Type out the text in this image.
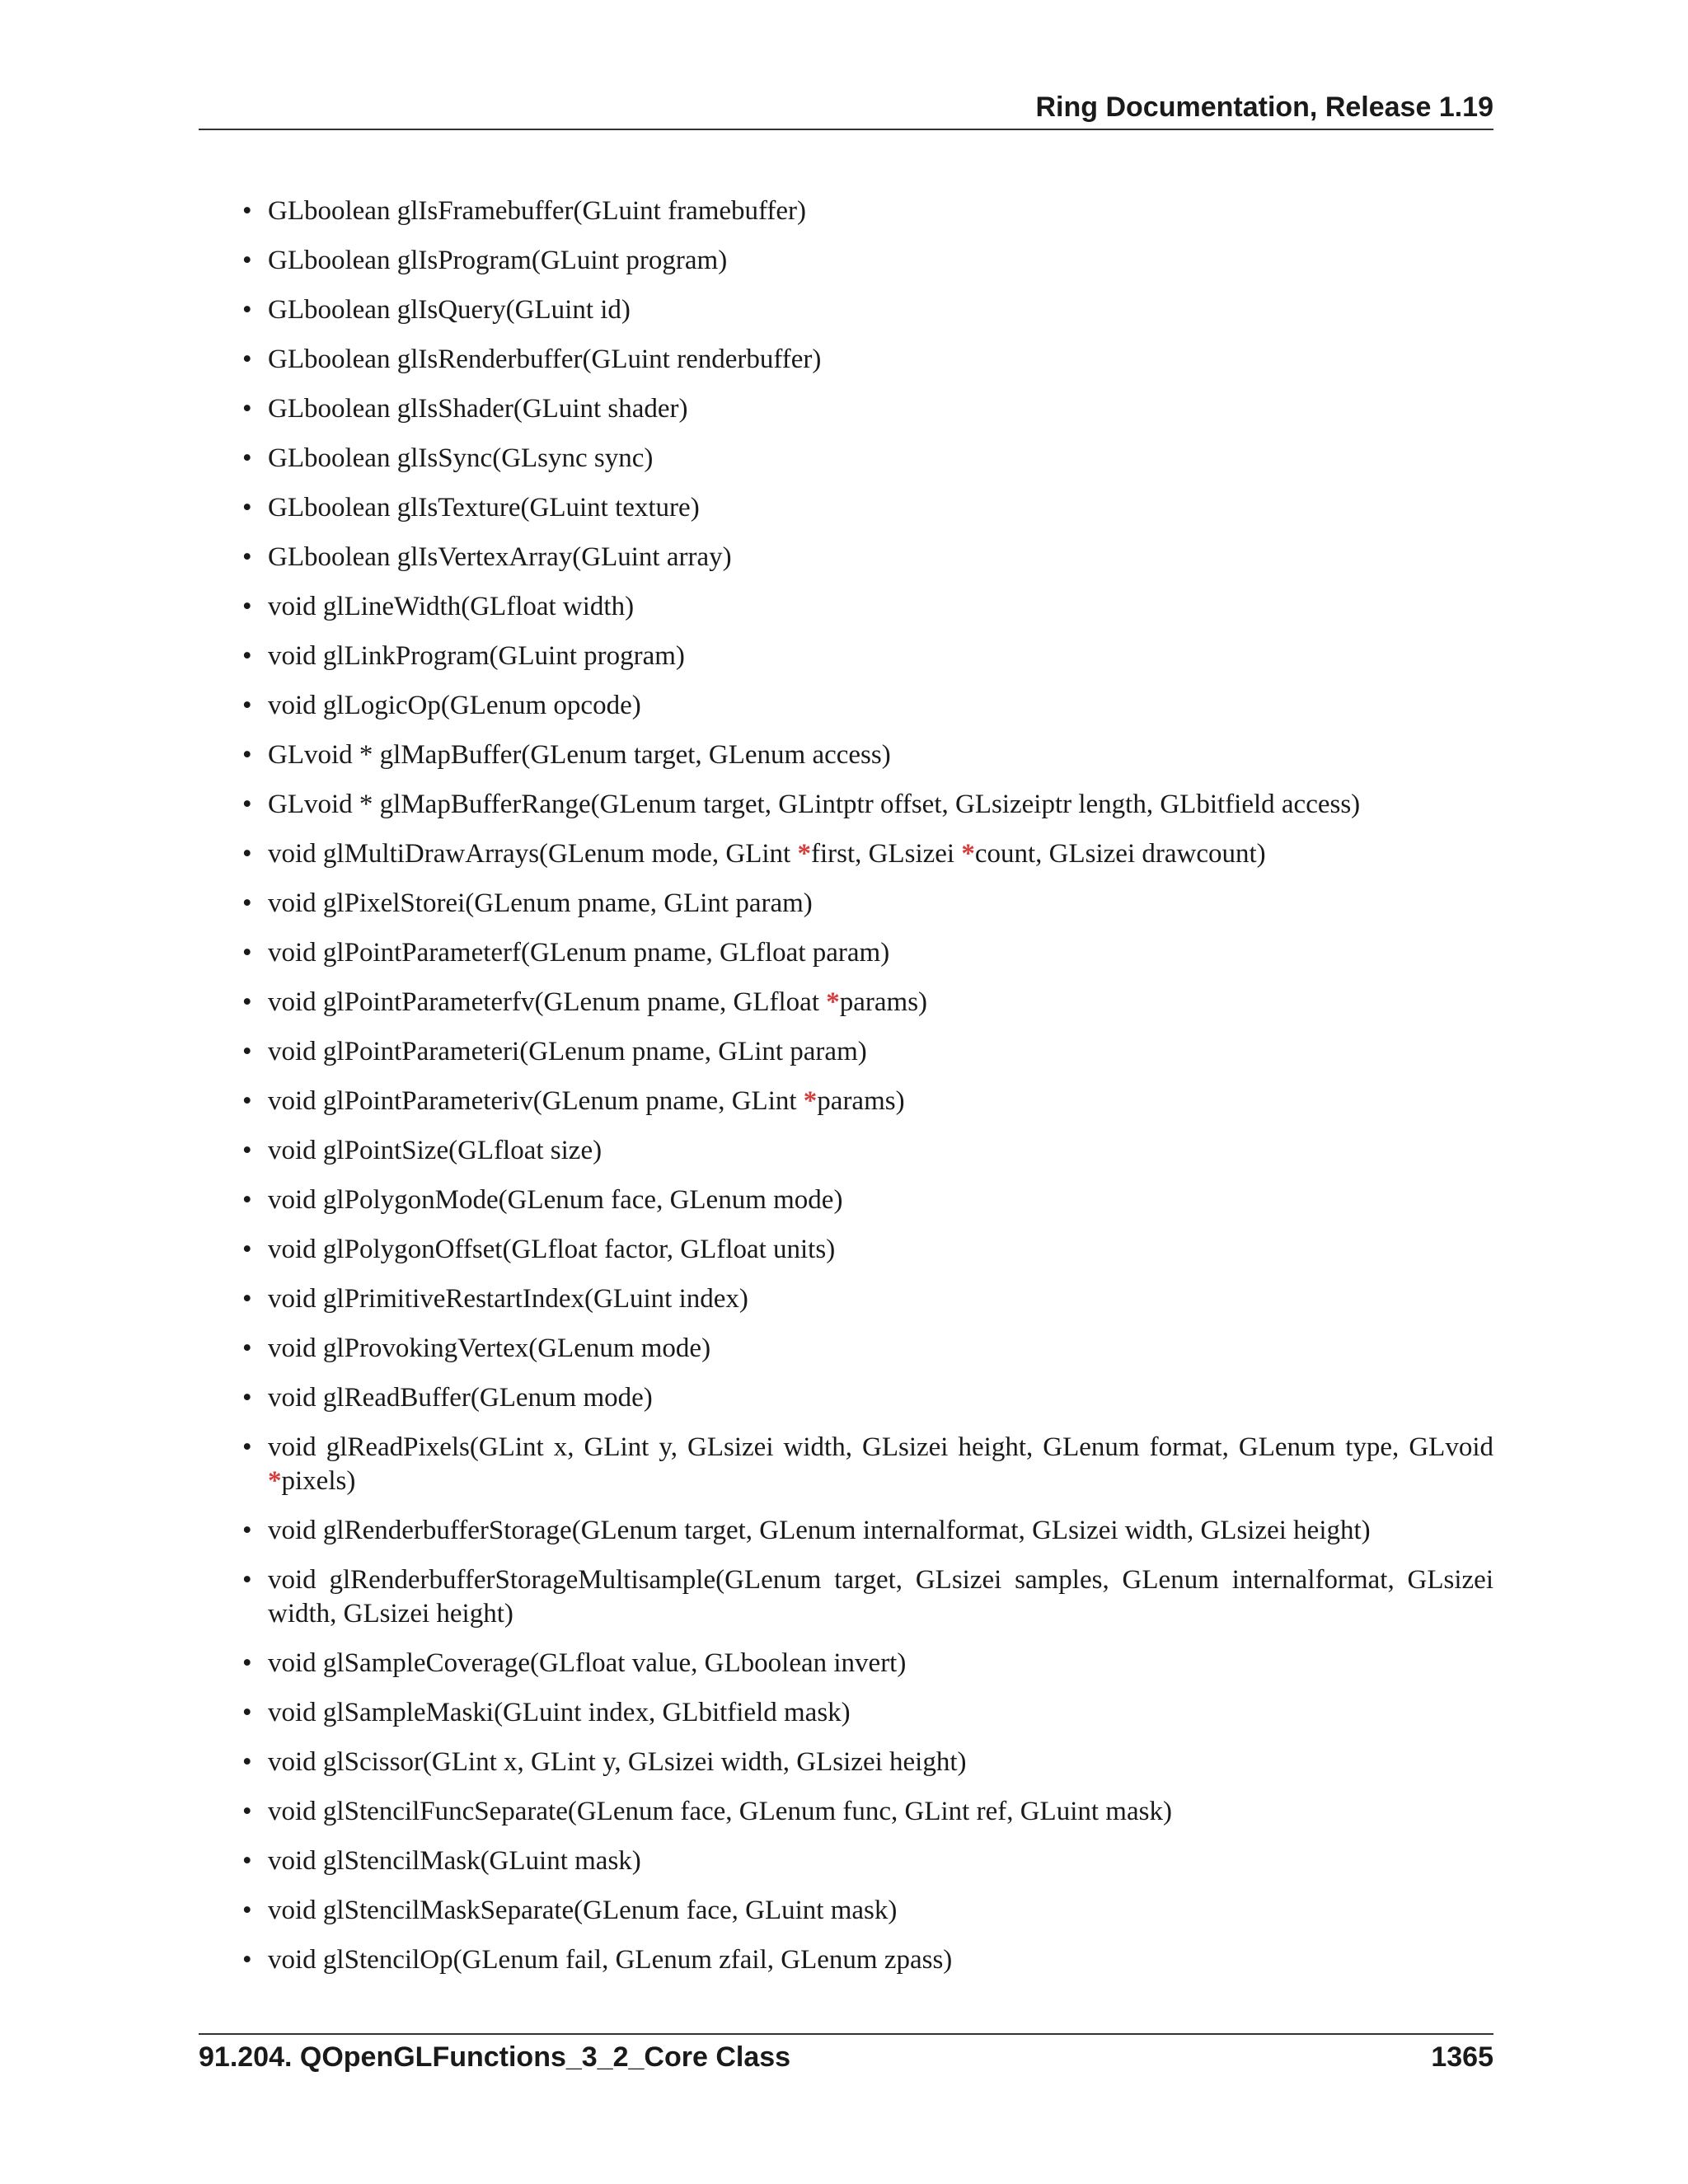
Ring Documentation, Release 1.19
• GLboolean glIsFramebuffer(GLuint framebuffer)
• GLboolean glIsProgram(GLuint program)
• GLboolean glIsQuery(GLuint id)
• GLboolean glIsRenderbuffer(GLuint renderbuffer)
• GLboolean glIsShader(GLuint shader)
• GLboolean glIsSync(GLsync sync)
• GLboolean glIsTexture(GLuint texture)
• GLboolean glIsVertexArray(GLuint array)
• void glLineWidth(GLfloat width)
• void glLinkProgram(GLuint program)
• void glLogicOp(GLenum opcode)
• GLvoid * glMapBuffer(GLenum target, GLenum access)
• GLvoid * glMapBufferRange(GLenum target, GLintptr offset, GLsizeiptr length, GLbitfield access)
• void glMultiDrawArrays(GLenum mode, GLint *first, GLsizei *count, GLsizei drawcount)
• void glPixelStorei(GLenum pname, GLint param)
• void glPointParameterf(GLenum pname, GLfloat param)
• void glPointParameterfv(GLenum pname, GLfloat *params)
• void glPointParameteri(GLenum pname, GLint param)
• void glPointParameteriv(GLenum pname, GLint *params)
• void glPointSize(GLfloat size)
• void glPolygonMode(GLenum face, GLenum mode)
• void glPolygonOffset(GLfloat factor, GLfloat units)
• void glPrimitiveRestartIndex(GLuint index)
• void glProvokingVertex(GLenum mode)
• void glReadBuffer(GLenum mode)
• void glReadPixels(GLint x, GLint y, GLsizei width, GLsizei height, GLenum format, GLenum type, GLvoid *pixels)
• void glRenderbufferStorage(GLenum target, GLenum internalformat, GLsizei width, GLsizei height)
• void glRenderbufferStorageMultisample(GLenum target, GLsizei samples, GLenum internalformat, GLsizei width, GLsizei height)
• void glSampleCoverage(GLfloat value, GLboolean invert)
• void glSampleMaski(GLuint index, GLbitfield mask)
• void glScissor(GLint x, GLint y, GLsizei width, GLsizei height)
• void glStencilFuncSeparate(GLenum face, GLenum func, GLint ref, GLuint mask)
• void glStencilMask(GLuint mask)
• void glStencilMaskSeparate(GLenum face, GLuint mask)
• void glStencilOp(GLenum fail, GLenum zfail, GLenum zpass)
91.204. QOpenGLFunctions_3_2_Core Class	1365
